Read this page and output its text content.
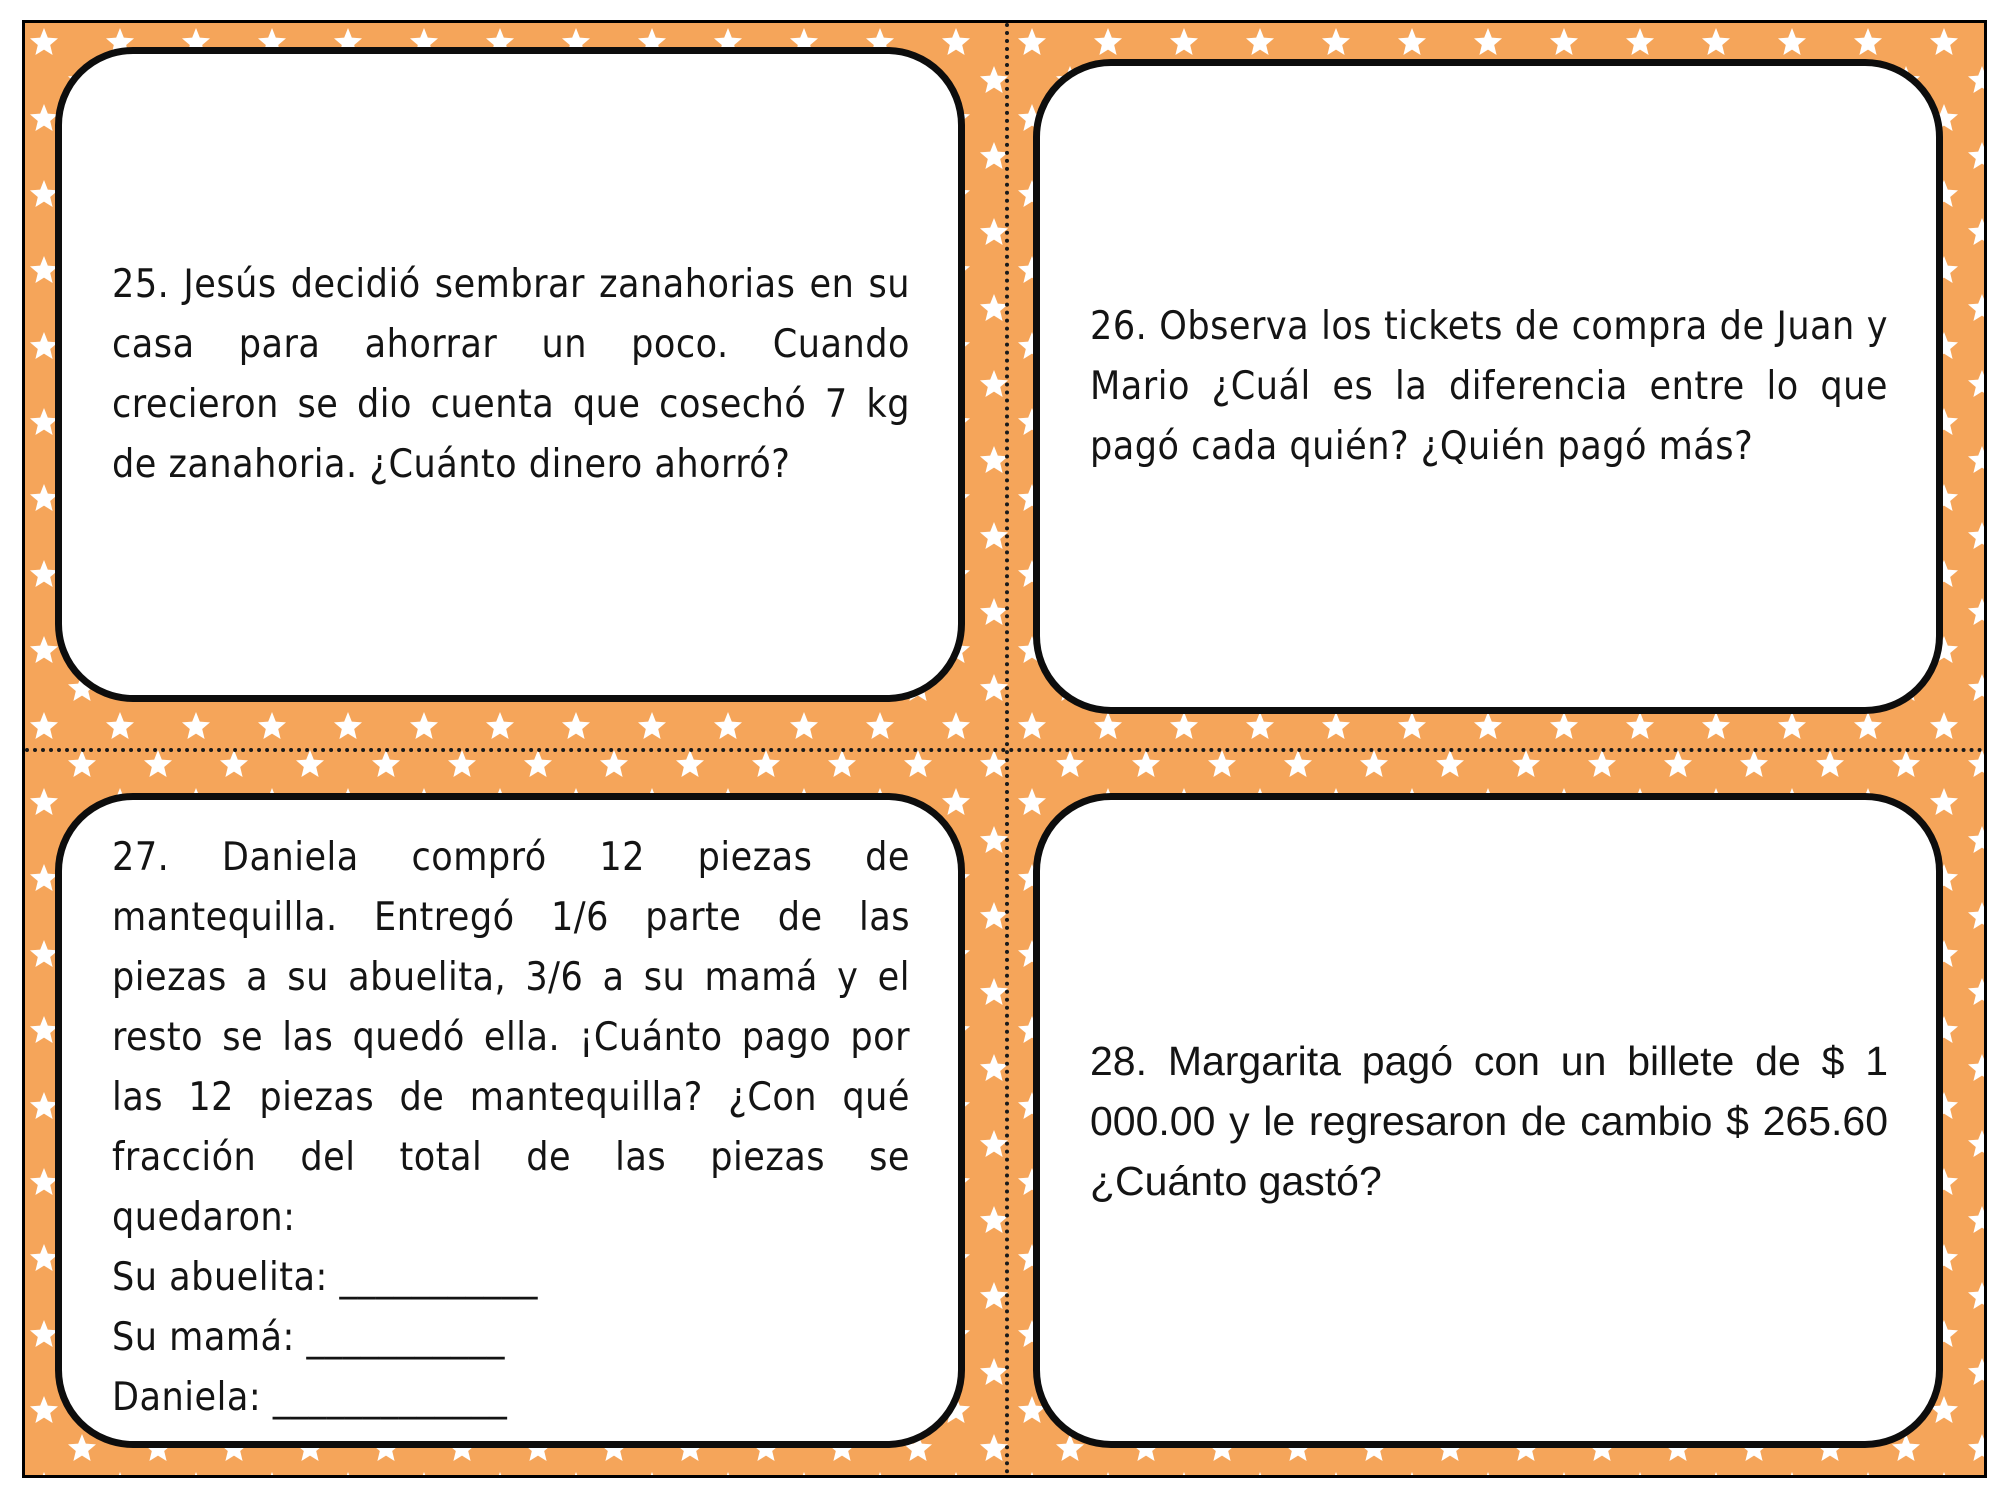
25. Jesús decidió sembrar zanahorias en su casa para ahorrar un poco. Cuando crecieron se dio cuenta que cosechó 7 kg de zanahoria. ¿Cuánto dinero ahorró?

26. Observa los tickets de compra de Juan y Mario ¿Cuál es la diferencia entre lo que pagó cada quién? ¿Quién pagó más?

27. Daniela compró 12 piezas de mantequilla. Entregó 1/6 parte de las piezas a su abuelita, 3/6 a su mamá y el resto se las quedó ella. ¡Cuánto pago por las 12 piezas de mantequilla? ¿Con qué fracción del total de las piezas se quedaron:

Su abuelita: ___________
Su mamá: ___________
Daniela: _____________

28. Margarita pagó con un billete de $ 1 000.00 y le regresaron de cambio $ 265.60 ¿Cuánto gastó?
